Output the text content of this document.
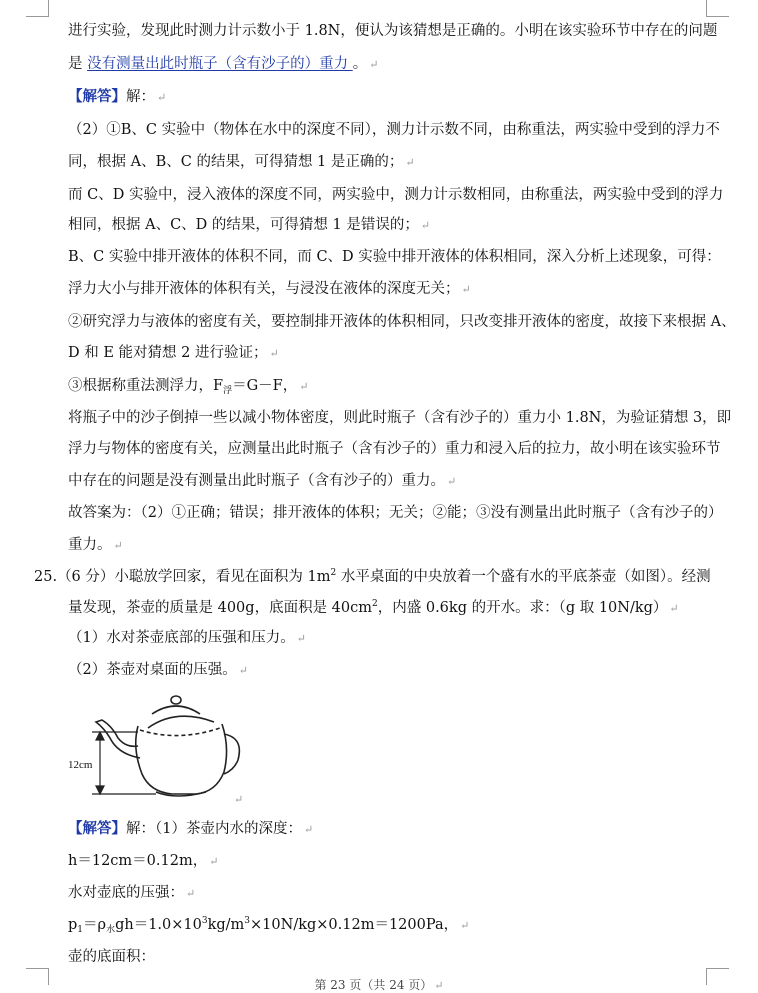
进行实验，发现此时测力计示数小于 1.8N，便认为该猜想是正确的。小明在该实验环节中存在的问题
是 没有测量出此时瓶子（含有沙子的）重力 。 ↵
【解答】解： ↵
（2）①B、C 实验中（物体在水中的深度不同），测力计示数不同，由称重法，两实验中受到的浮力不
同，根据 A、B、C 的结果，可得猜想 1 是正确的； ↵
而 C、D 实验中，浸入液体的深度不同，两实验中，测力计示数相同，由称重法，两实验中受到的浮力
相同，根据 A、C、D 的结果，可得猜想 1 是错误的； ↵
B、C 实验中排开液体的体积不同，而 C、D 实验中排开液体的体积相同，深入分析上述现象，可得：
浮力大小与排开液体的体积有关，与浸没在液体的深度无关； ↵
②研究浮力与液体的密度有关，要控制排开液体的体积相同，只改变排开液体的密度，故接下来根据 A、
D 和 E 能对猜想 2 进行验证； ↵
③根据称重法测浮力，$F_浮=G-F$， ↵
将瓶子中的沙子倒掉一些以减小物体密度，则此时瓶子（含有沙子的）重力小 1.8N，为验证猜想 3，即
浮力与物体的密度有关，应测量出此时瓶子（含有沙子的）重力和浸入后的拉力，故小明在该实验环节
中存在的问题是没有测量出此时瓶子（含有沙子的）重力。 ↵
故答案为：（2）①正确；错误；排开液体的体积；无关；②能；③没有测量出此时瓶子（含有沙子的）
重力。 ↵
25.（6 分）小聪放学回家，看见在面积为 $1m^2$ 水平桌面的中央放着一个盛有水的平底茶壶（如图）。经测
量发现，茶壶的质量是 400g，底面积是 $40cm^2$，内盛 0.6kg 的开水。求：（g 取 10N/kg） ↵
（1）水对茶壶底部的压强和压力。 ↵
（2）茶壶对桌面的压强。 ↵
12cm
↵
【解答】解：（1）茶壶内水的深度： ↵
h＝12cm＝0.12m， ↵
水对壶底的压强： ↵
$p_1=\rho_水gh=1.0\times 10^3kg/m^3\times 10N/kg\times 0.12m=1200Pa$， ↵
壶的底面积：
第 23 页（共 24 页） ↵
